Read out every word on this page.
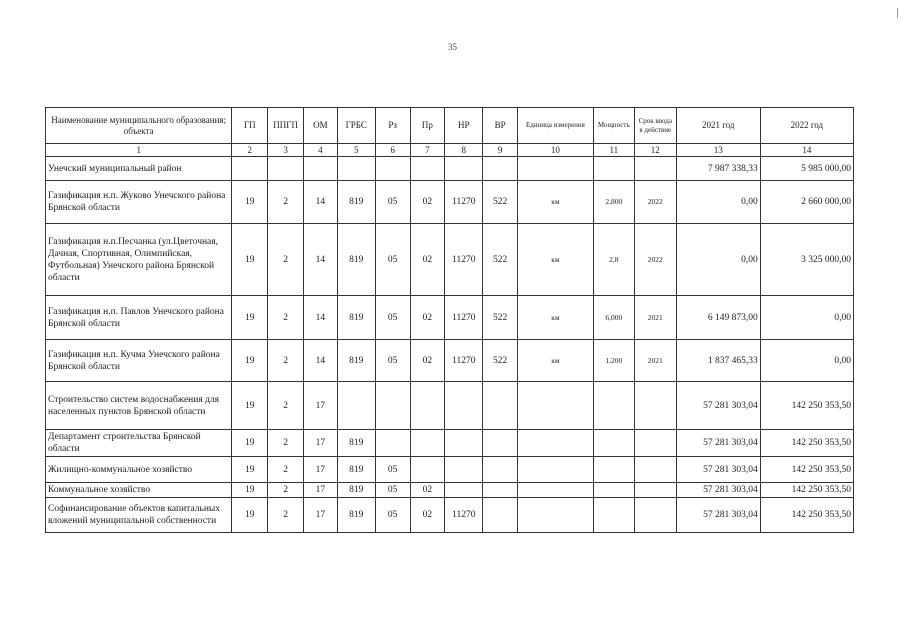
35
Наименование муниципального образования; объекта	ГП	ППГП	ОМ	ГРБС	Рз	Пр	НР	ВР	Единица измерения	Мощность	Срок ввода в действие	2021 год	2022 год
1	2	3	4	5	6	7	8	9	10	11	12	13	14
Унечский муниципальный район												7 987 338,33	5 985 000,00
Газификация н.п. Жуково Унечского района Брянской области	19	2	14	819	05	02	11270	522	км	2,800	2022	0,00	2 660 000,00
Газификация н.п.Песчанка (ул.Цветочная, Дачная, Спортивная, Олимпийская, Футбольная) Унечского района Брянской области	19	2	14	819	05	02	11270	522	км	2,8	2022	0,00	3 325 000,00
Газификация н.п. Павлов Унечского района Брянской области	19	2	14	819	05	02	11270	522	км	6,000	2021	6 149 873,00	0,00
Газификация н.п. Кучма Унечского района Брянской области	19	2	14	819	05	02	11270	522	км	1,200	2021	1 837 465,33	0,00
Строительство систем водоснабжения для населенных пунктов Брянской области	19	2	17									57 281 303,04	142 250 353,50
Департамент строительства Брянской области	19	2	17	819								57 281 303,04	142 250 353,50
Жилищно-коммунальное хозяйство	19	2	17	819	05							57 281 303,04	142 250 353,50
Коммунальное хозяйство	19	2	17	819	05	02						57 281 303,04	142 250 353,50
Софинансирование объектов капитальных вложений муниципальной собственности	19	2	17	819	05	02	11270					57 281 303,04	142 250 353,50
